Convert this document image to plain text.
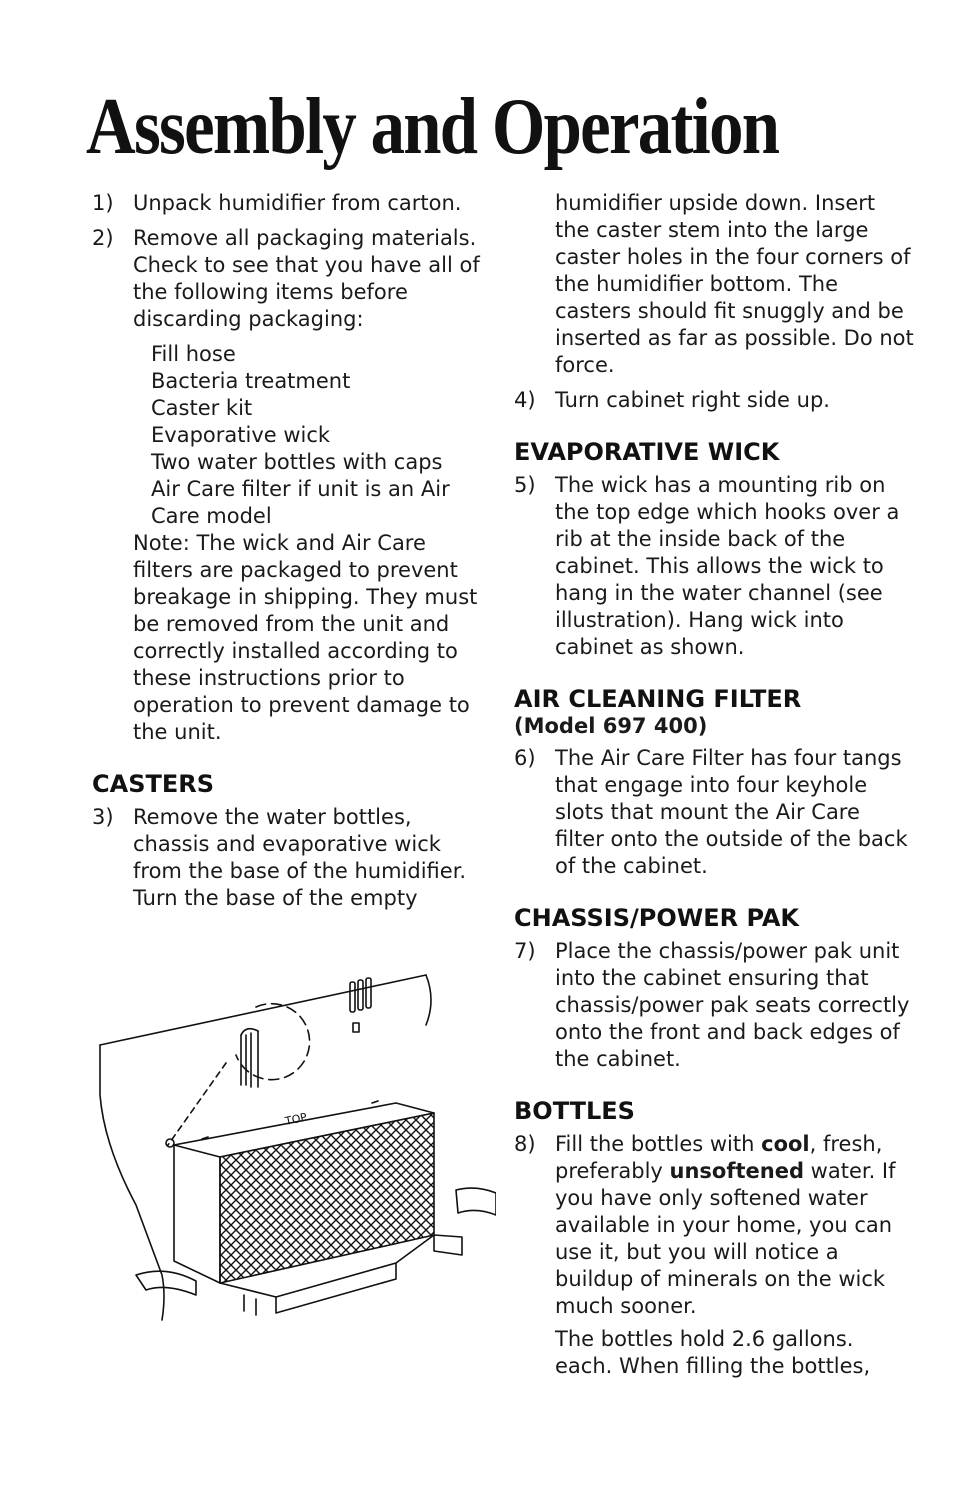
Assembly and Operation
1) Unpack humidifier from carton.
2) Remove all packaging materials. Check to see that you have all of the following items before discarding packaging:
Fill hose
Bacteria treatment
Caster kit
Evaporative wick
Two water bottles with caps
Air Care filter if unit is an Air Care model
Note: The wick and Air Care filters are packaged to prevent breakage in shipping. They must be removed from the unit and correctly installed according to these instructions prior to operation to prevent damage to the unit.
CASTERS
3) Remove the water bottles, chassis and evaporative wick from the base of the humidifier. Turn the base of the empty
TOP
humidifier upside down. Insert the caster stem into the large caster holes in the four corners of the humidifier bottom. The casters should fit snuggly and be inserted as far as possible. Do not force.
4) Turn cabinet right side up.
EVAPORATIVE WICK
5) The wick has a mounting rib on the top edge which hooks over a rib at the inside back of the cabinet. This allows the wick to hang in the water channel (see illustration). Hang wick into cabinet as shown.
AIR CLEANING FILTER
(Model 697 400)
6) The Air Care Filter has four tangs that engage into four keyhole slots that mount the Air Care filter onto the outside of the back of the cabinet.
CHASSIS/POWER PAK
7) Place the chassis/power pak unit into the cabinet ensuring that chassis/power pak seats correctly onto the front and back edges of the cabinet.
BOTTLES
8) Fill the bottles with cool, fresh, preferably unsoftened water. If you have only softened water available in your home, you can use it, but you will notice a buildup of minerals on the wick much sooner.
The bottles hold 2.6 gallons. each. When filling the bottles,
